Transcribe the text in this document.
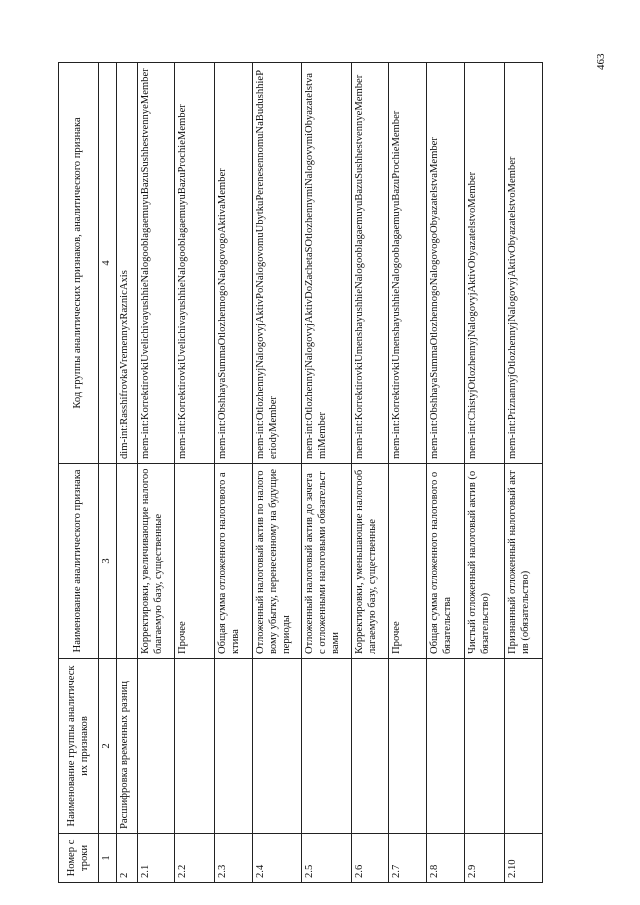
463
Номер строки	Наименование группы аналитических признаков	Наименование аналитического признака	Код группы аналитических признаков, аналитического признака
1	2	3	4
2	Расшифровка временных разниц		dim-int:RasshifrovkaVremennyxRaznicAxis
2.1		Корректировки, увеличивающие налогооблагаемую базу, существенные	mem-int:KorrektirovkiUvelichivayushhieNalogooblagaemuyuBazuSushhestvennyeMember
2.2		Прочее	mem-int:KorrektirovkiUvelichivayushhieNalogooblagaemuyuBazuProchieMember
2.3		Общая сумма отложенного налогового актива	mem-int:ObshhayaSummaOtlozhennogoNalogovogoAktivaMember
2.4		Отложенный налоговый актив по налоговому убытку, перенесенному на будущие периоды	mem-int:OtlozhennyjNalogovyjAktivPoNalogovomuUbytkuPerenesennomuNaBudushhiePeriodyMember
2.5		Отложенный налоговый актив до зачета с отложенными налоговыми обязательствами	mem-int:OtlozhennyjNalogovyjAktivDoZachetaSOtlozhennymiNalogovymiObyazatelstvamiMember
2.6		Корректировки, уменьшающие налогооблагаемую базу, существенные	mem-int:KorrektirovkiUmenshayushhieNalogooblagaemuyuBazuSushhestvennyeMember
2.7		Прочее	mem-int:KorrektirovkiUmenshayushhieNalogooblagaemuyuBazuProchieMember
2.8		Общая сумма отложенного налогового обязательства	mem-int:ObshhayaSummaOtlozhennogoNalogovogoObyazatelstvaMember
2.9		Чистый отложенный налоговый актив (обязательство)	mem-int:ChistyjOtlozhennyjNalogovyjAktivObyazatelstvoMember
2.10		Признанный отложенный налоговый актив (обязательство)	mem-int:PriznannyjOtlozhennyjNalogovyjAktivObyazatelstvoMember
